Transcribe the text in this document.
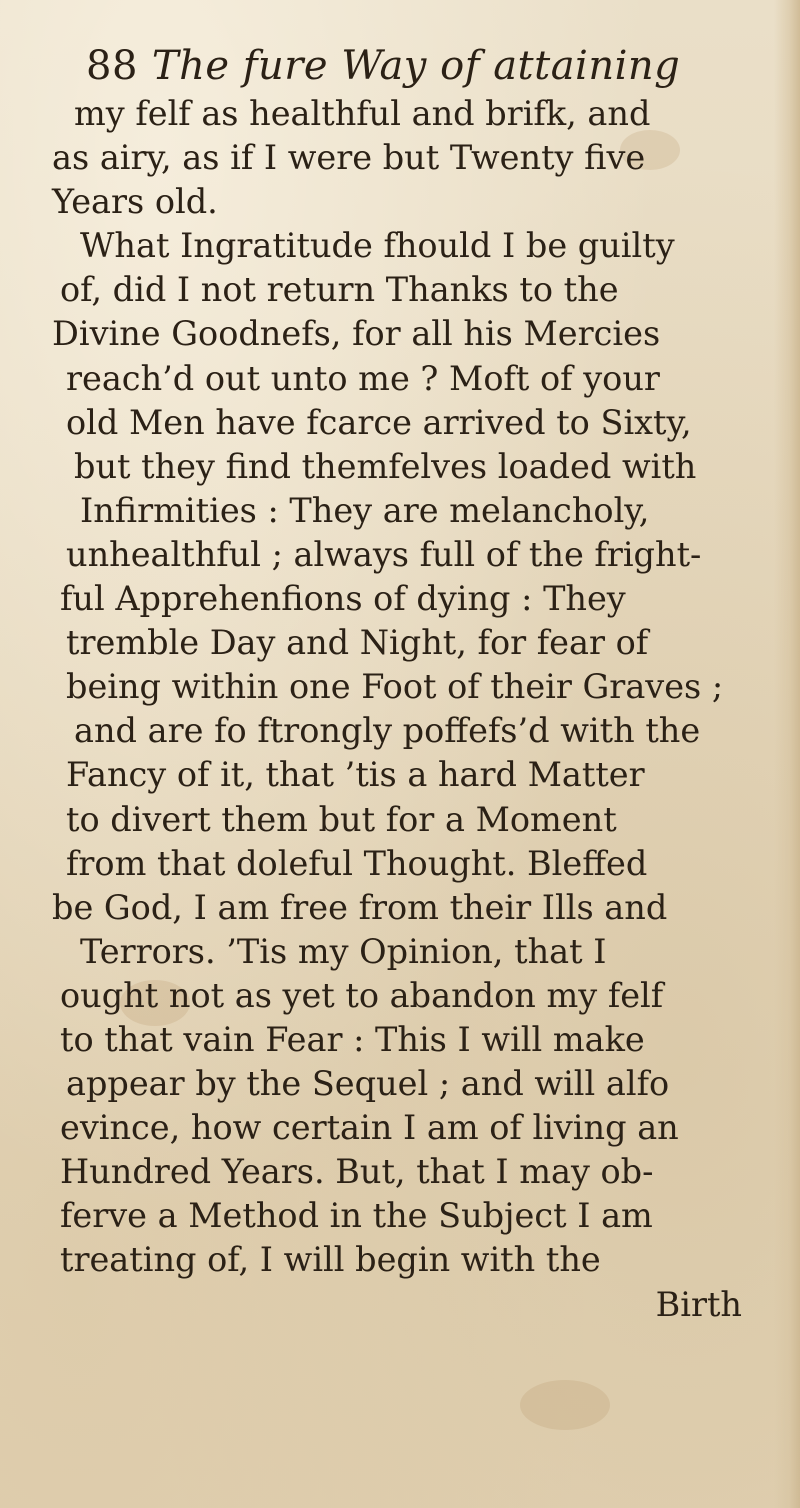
88 The fure Way of attaining
my felf as healthful and brifk, and
as airy, as if I were but Twenty five
Years old.
What Ingratitude fhould I be guilty
of, did I not return Thanks to the
Divine Goodnefs, for all his Mercies
reach’d out unto me ? Moft of your
old Men have fcarce arrived to Sixty,
but they find themfelves loaded with
Infirmities : They are melancholy,
unhealthful ; always full of the fright-
ful Apprehenfions of dying : They
tremble Day and Night, for fear of
being within one Foot of their Graves ;
and are fo ftrongly poffefs’d with the
Fancy of it, that ’tis a hard Matter
to divert them but for a Moment
from that doleful Thought. Bleffed
be God, I am free from their Ills and
Terrors. ’Tis my Opinion, that I
ought not as yet to abandon my felf
to that vain Fear : This I will make
appear by the Sequel ; and will alfo
evince, how certain I am of living an
Hundred Years. But, that I may ob-
ferve a Method in the Subject I am
treating of, I will begin with the
Birth
